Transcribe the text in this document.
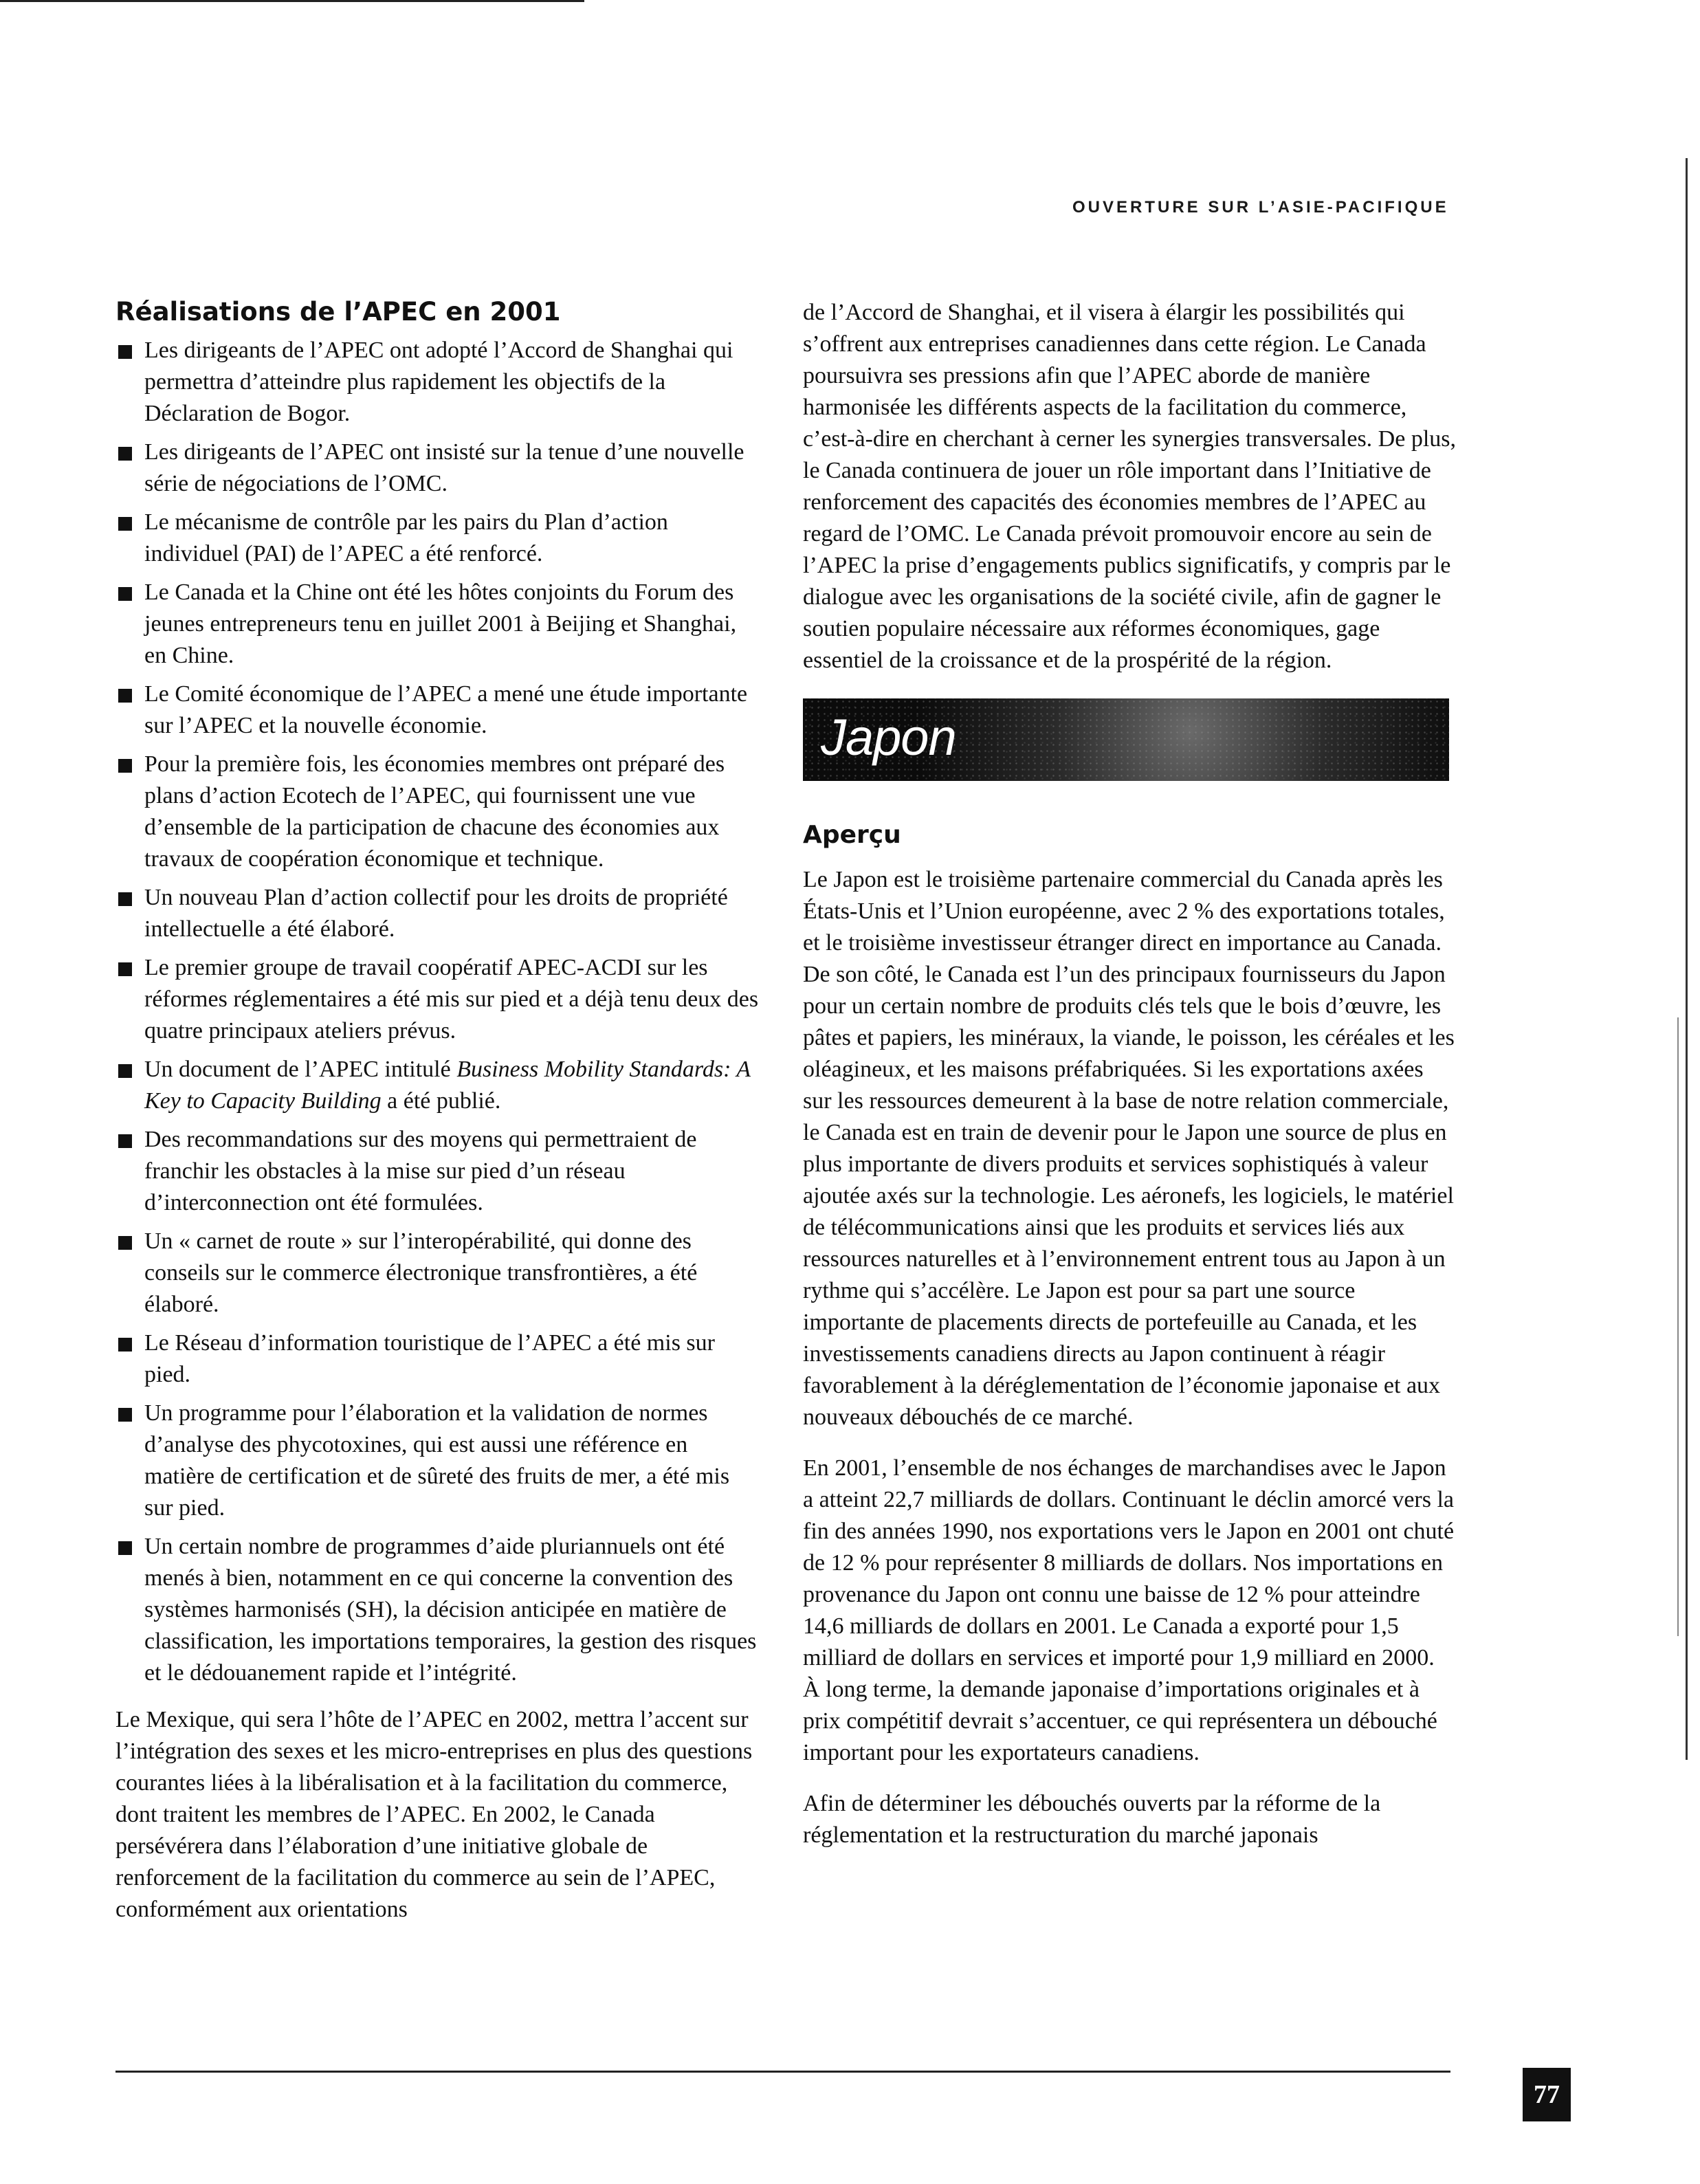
OUVERTURE SUR L’ASIE-PACIFIQUE
Réalisations de l’APEC en 2001
Les dirigeants de l’APEC ont adopté l’Accord de Shanghai qui permettra d’atteindre plus rapidement les objectifs de la Déclaration de Bogor.
Les dirigeants de l’APEC ont insisté sur la tenue d’une nouvelle série de négociations de l’OMC.
Le mécanisme de contrôle par les pairs du Plan d’action individuel (PAI) de l’APEC a été renforcé.
Le Canada et la Chine ont été les hôtes conjoints du Forum des jeunes entrepreneurs tenu en juillet 2001 à Beijing et Shanghai, en Chine.
Le Comité économique de l’APEC a mené une étude importante sur l’APEC et la nouvelle économie.
Pour la première fois, les économies membres ont préparé des plans d’action Ecotech de l’APEC, qui fournissent une vue d’ensemble de la participation de chacune des économies aux travaux de coopération économique et technique.
Un nouveau Plan d’action collectif pour les droits de propriété intellectuelle a été élaboré.
Le premier groupe de travail coopératif APEC-ACDI sur les réformes réglementaires a été mis sur pied et a déjà tenu deux des quatre principaux ateliers prévus.
Un document de l’APEC intitulé Business Mobility Standards: A Key to Capacity Building a été publié.
Des recommandations sur des moyens qui permettraient de franchir les obstacles à la mise sur pied d’un réseau d’interconnection ont été formulées.
Un « carnet de route » sur l’interopérabilité, qui donne des conseils sur le commerce électronique transfrontières, a été élaboré.
Le Réseau d’information touristique de l’APEC a été mis sur pied.
Un programme pour l’élaboration et la validation de normes d’analyse des phycotoxines, qui est aussi une référence en matière de certification et de sûreté des fruits de mer, a été mis sur pied.
Un certain nombre de programmes d’aide pluriannuels ont été menés à bien, notamment en ce qui concerne la convention des systèmes harmonisés (SH), la décision anticipée en matière de classification, les importations temporaires, la gestion des risques et le dédouanement rapide et l’intégrité.

Le Mexique, qui sera l’hôte de l’APEC en 2002, mettra l’accent sur l’intégration des sexes et les micro-entreprises en plus des questions courantes liées à la libéralisation et à la facilitation du commerce, dont traitent les membres de l’APEC. En 2002, le Canada persévérera dans l’élaboration d’une initiative globale de renforcement de la facilitation du commerce au sein de l’APEC, conformément aux orientations

de l’Accord de Shanghai, et il visera à élargir les possibilités qui s’offrent aux entreprises canadiennes dans cette région. Le Canada poursuivra ses pressions afin que l’APEC aborde de manière harmonisée les différents aspects de la facilitation du commerce, c’est-à-dire en cherchant à cerner les synergies transversales. De plus, le Canada continuera de jouer un rôle important dans l’Initiative de renforcement des capacités des économies membres de l’APEC au regard de l’OMC. Le Canada prévoit promouvoir encore au sein de l’APEC la prise d’engagements publics significatifs, y compris par le dialogue avec les organisations de la société civile, afin de gagner le soutien populaire nécessaire aux réformes économiques, gage essentiel de la croissance et de la prospérité de la région.

Japon
Aperçu

Le Japon est le troisième partenaire commercial du Canada après les États-Unis et l’Union européenne, avec 2 % des exportations totales, et le troisième investisseur étranger direct en importance au Canada. De son côté, le Canada est l’un des principaux fournisseurs du Japon pour un certain nombre de produits clés tels que le bois d’œuvre, les pâtes et papiers, les minéraux, la viande, le poisson, les céréales et les oléagineux, et les maisons préfabriquées. Si les exportations axées sur les ressources demeurent à la base de notre relation commerciale, le Canada est en train de devenir pour le Japon une source de plus en plus importante de divers produits et services sophistiqués à valeur ajoutée axés sur la technologie. Les aéronefs, les logiciels, le matériel de télécommunications ainsi que les produits et services liés aux ressources naturelles et à l’environnement entrent tous au Japon à un rythme qui s’accélère. Le Japon est pour sa part une source importante de placements directs de portefeuille au Canada, et les investissements canadiens directs au Japon continuent à réagir favorablement à la déréglementation de l’économie japonaise et aux nouveaux débouchés de ce marché.

En 2001, l’ensemble de nos échanges de marchandises avec le Japon a atteint 22,7 milliards de dollars. Continuant le déclin amorcé vers la fin des années 1990, nos exportations vers le Japon en 2001 ont chuté de 12 % pour représenter 8 milliards de dollars. Nos importations en provenance du Japon ont connu une baisse de 12 % pour atteindre 14,6 milliards de dollars en 2001. Le Canada a exporté pour 1,5 milliard de dollars en services et importé pour 1,9 milliard en 2000. À long terme, la demande japonaise d’importations originales et à prix compétitif devrait s’accentuer, ce qui représentera un débouché important pour les exportateurs canadiens.

Afin de déterminer les débouchés ouverts par la réforme de la réglementation et la restructuration du marché japonais

77
